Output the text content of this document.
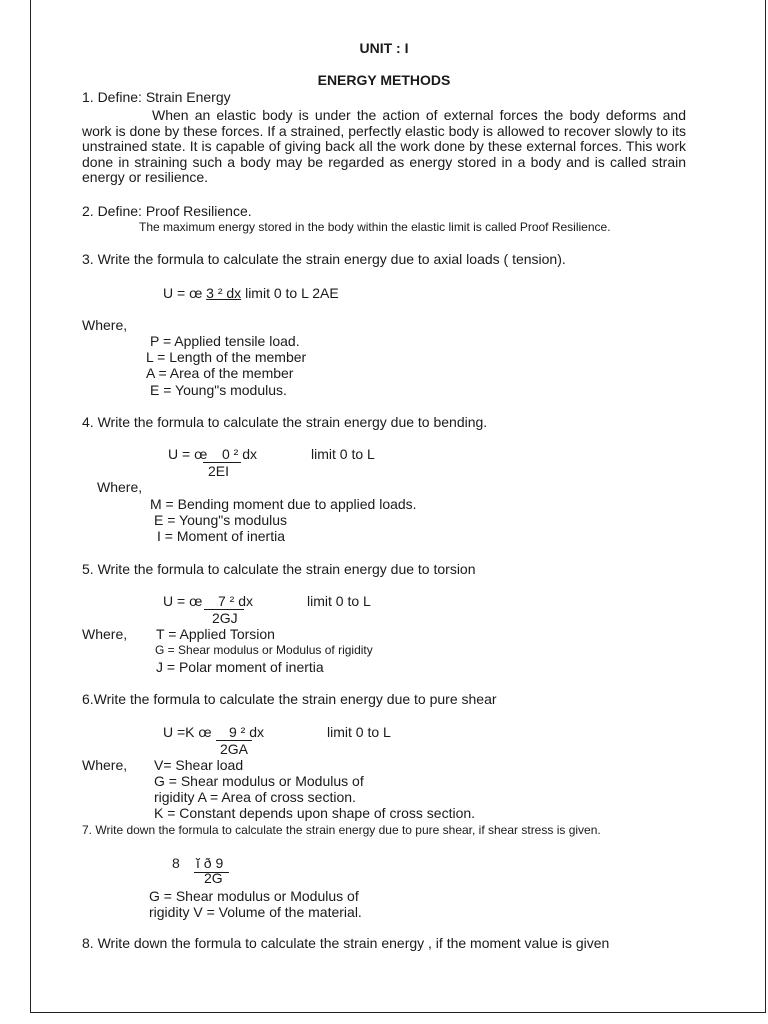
UNIT : I
ENERGY METHODS
1. Define: Strain Energy
When an elastic body is under the action of external forces the body deforms and work is done by these forces. If a strained, perfectly elastic body is allowed to recover slowly to its unstrained state. It is capable of giving back all the work done by these external forces. This work done in straining such a body may be regarded as energy stored in a body and is called strain energy or resilience.
2. Define: Proof Resilience.
The maximum energy stored in the body within the elastic limit is called Proof Resilience.
3. Write the formula to calculate the strain energy due to axial loads ( tension).
U = œ 3 ² dx limit 0 to L 2AE
Where,
P = Applied tensile load.
L = Length of the member
A = Area of the member
E = Young"s modulus.
4. Write the formula to calculate the strain energy due to bending.
U = œ 0 ² dx
2EI
limit 0 to L
Where,
M = Bending moment due to applied loads.
E = Young"s modulus
I = Moment of inertia
5. Write the formula to calculate the strain energy due to torsion
U = œ 7 ² dx
2GJ
limit 0 to L
Where, T = Applied Torsion
G = Shear modulus or Modulus of rigidity
J = Polar moment of inertia
6.Write the formula to calculate the strain energy due to pure shear
U =K œ 9 ² dx
2GA
limit 0 to L
Where, V= Shear load
G = Shear modulus or Modulus of
rigidity A = Area of cross section.
K = Constant depends upon shape of cross section.
7. Write down the formula to calculate the strain energy due to pure shear, if shear stress is given.
8 ĭ ð 9
2G
G = Shear modulus or Modulus of
rigidity V = Volume of the material.
8. Write down the formula to calculate the strain energy , if the moment value is given
